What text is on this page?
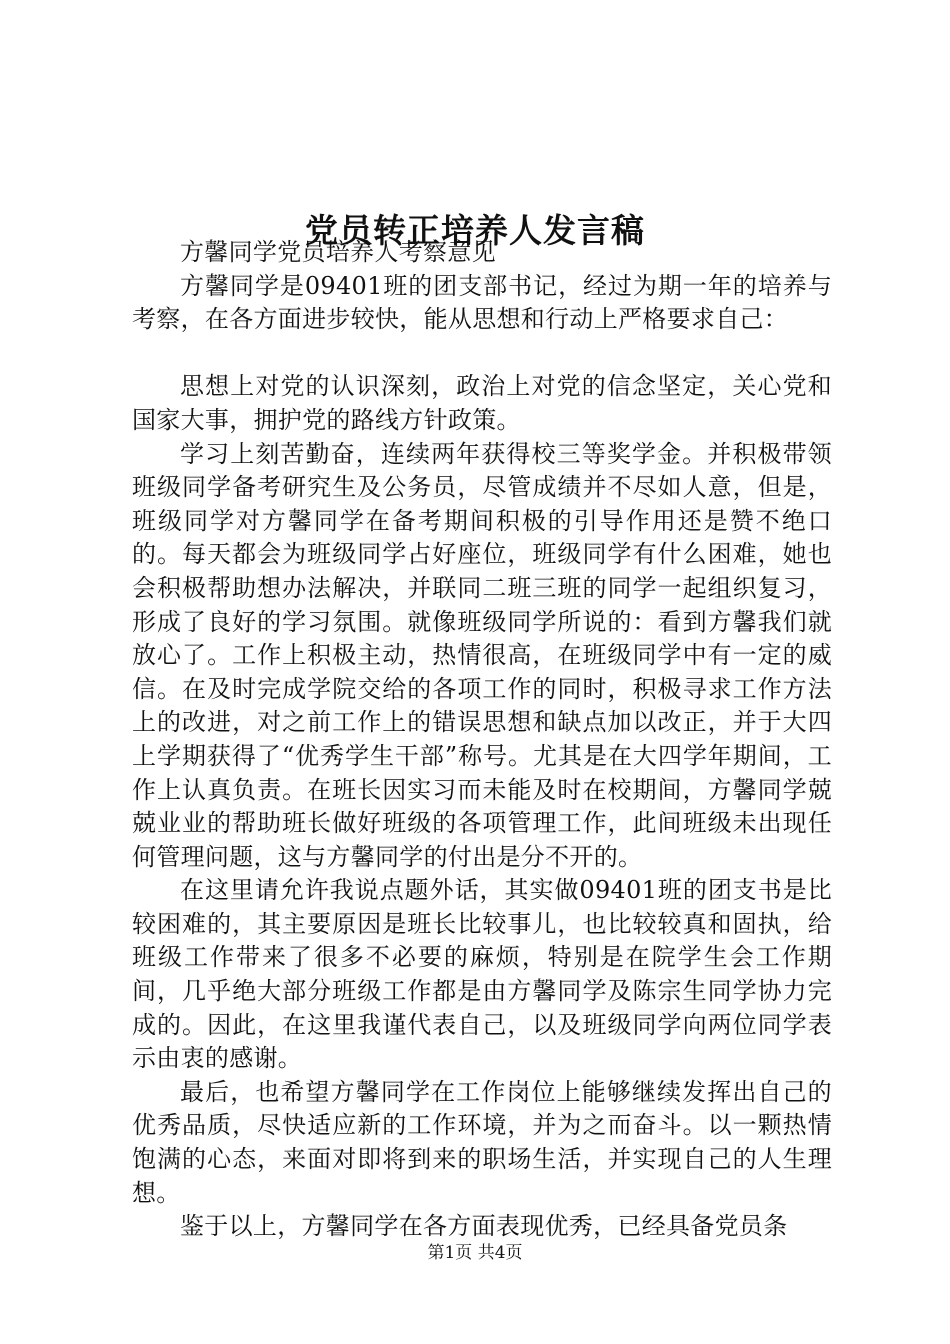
党员转正培养人发言稿

方馨同学党员培养人考察意见

方馨同学是09401班的团支部书记，经过为期一年的培养与考察，在各方面进步较快，能从思想和行动上严格要求自己：

思想上对党的认识深刻，政治上对党的信念坚定，关心党和国家大事，拥护党的路线方针政策。

学习上刻苦勤奋，连续两年获得校三等奖学金。并积极带领班级同学备考研究生及公务员，尽管成绩并不尽如人意，但是，班级同学对方馨同学在备考期间积极的引导作用还是赞不绝口的。每天都会为班级同学占好座位，班级同学有什么困难，她也会积极帮助想办法解决，并联同二班三班的同学一起组织复习，形成了良好的学习氛围。就像班级同学所说的：看到方馨我们就放心了。工作上积极主动，热情很高，在班级同学中有一定的威信。在及时完成学院交给的各项工作的同时，积极寻求工作方法上的改进，对之前工作上的错误思想和缺点加以改正，并于大四上学期获得了“优秀学生干部”称号。尤其是在大四学年期间，工作上认真负责。在班长因实习而未能及时在校期间，方馨同学兢兢业业的帮助班长做好班级的各项管理工作，此间班级未出现任何管理问题，这与方馨同学的付出是分不开的。

在这里请允许我说点题外话，其实做09401班的团支书是比较困难的，其主要原因是班长比较事儿，也比较较真和固执，给班级工作带来了很多不必要的麻烦，特别是在院学生会工作期间，几乎绝大部分班级工作都是由方馨同学及陈宗生同学协力完成的。因此，在这里我谨代表自己，以及班级同学向两位同学表示由衷的感谢。

最后，也希望方馨同学在工作岗位上能够继续发挥出自己的优秀品质，尽快适应新的工作环境，并为之而奋斗。以一颗热情饱满的心态，来面对即将到来的职场生活，并实现自己的人生理想。

鉴于以上，方馨同学在各方面表现优秀，已经具备党员条

第1页 共4页
